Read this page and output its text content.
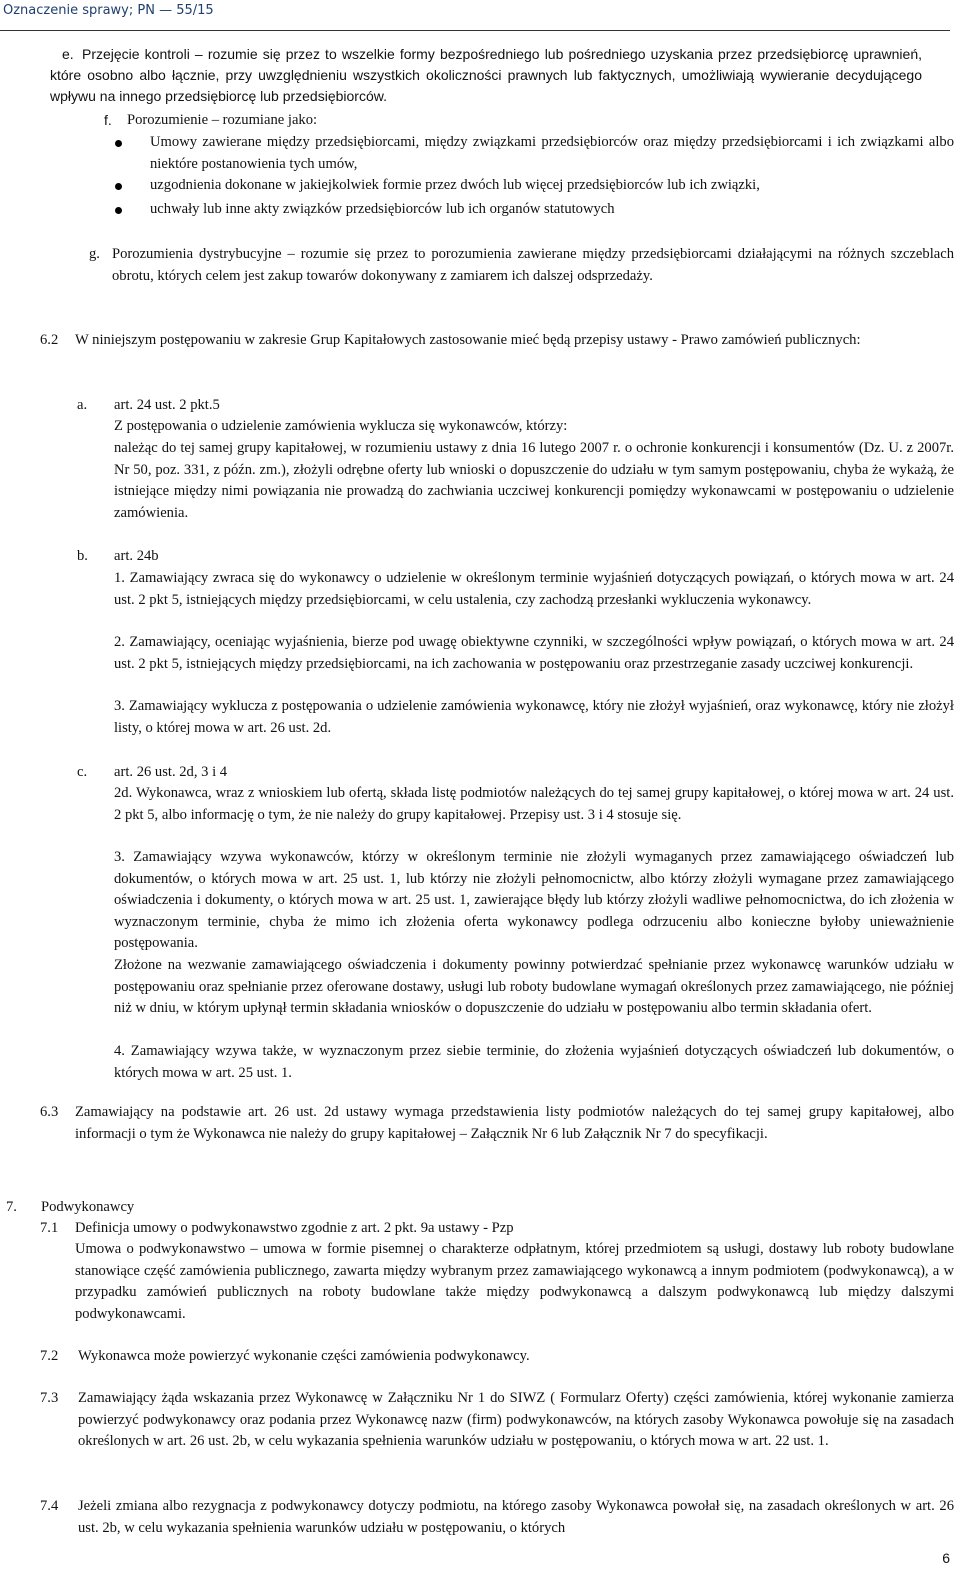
Oznaczenie sprawy; PN — 55/15
e. Przejęcie kontroli – rozumie się przez to wszelkie formy bezpośredniego lub pośredniego uzyskania przez przedsiębiorcę uprawnień, które osobno albo łącznie, przy uwzględnieniu wszystkich okoliczności prawnych lub faktycznych, umożliwiają wywieranie decydującego wpływu na innego przedsiębiorcę lub przedsiębiorców.
f. Porozumienie – rozumiane jako:
Umowy zawierane między przedsiębiorcami, między związkami przedsiębiorców oraz między przedsiębiorcami i ich związkami albo niektóre postanowienia tych umów,
uzgodnienia dokonane w jakiejkolwiek formie przez dwóch lub więcej przedsiębiorców lub ich związki,
uchwały lub inne akty związków przedsiębiorców lub ich organów statutowych
g. Porozumienia dystrybucyjne – rozumie się przez to porozumienia zawierane między przedsiębiorcami działającymi na różnych szczeblach obrotu, których celem jest zakup towarów dokonywany z zamiarem ich dalszej odsprzedaży.
6.2 W niniejszym postępowaniu w zakresie Grup Kapitałowych zastosowanie mieć będą przepisy ustawy - Prawo zamówień publicznych:
a. art. 24 ust. 2 pkt.5
Z postępowania o udzielenie zamówienia wyklucza się wykonawców, którzy:
należąc do tej samej grupy kapitałowej, w rozumieniu ustawy z dnia 16 lutego 2007 r. o ochronie konkurencji i konsumentów (Dz. U. z 2007r. Nr 50, poz. 331, z późn. zm.), złożyli odrębne oferty lub wnioski o dopuszczenie do udziału w tym samym postępowaniu, chyba że wykażą, że istniejące między nimi powiązania nie prowadzą do zachwiania uczciwej konkurencji pomiędzy wykonawcami w postępowaniu o udzielenie zamówienia.
b. art. 24b
1. Zamawiający zwraca się do wykonawcy o udzielenie w określonym terminie wyjaśnień dotyczących powiązań, o których mowa w art. 24 ust. 2 pkt 5, istniejących między przedsiębiorcami, w celu ustalenia, czy zachodzą przesłanki wykluczenia wykonawcy.
2. Zamawiający, oceniając wyjaśnienia, bierze pod uwagę obiektywne czynniki, w szczególności wpływ powiązań, o których mowa w art. 24 ust. 2 pkt 5, istniejących między przedsiębiorcami, na ich zachowania w postępowaniu oraz przestrzeganie zasady uczciwej konkurencji.
3. Zamawiający wyklucza z postępowania o udzielenie zamówienia wykonawcę, który nie złożył wyjaśnień, oraz wykonawcę, który nie złożył listy, o której mowa w art. 26 ust. 2d.
c. art. 26 ust. 2d, 3 i 4
2d. Wykonawca, wraz z wnioskiem lub ofertą, składa listę podmiotów należących do tej samej grupy kapitałowej, o której mowa w art. 24 ust. 2 pkt 5, albo informację o tym, że nie należy do grupy kapitałowej. Przepisy ust. 3 i 4 stosuje się.
3. Zamawiający wzywa wykonawców, którzy w określonym terminie nie złożyli wymaganych przez zamawiającego oświadczeń lub dokumentów, o których mowa w art. 25 ust. 1, lub którzy nie złożyli pełnomocnictw, albo którzy złożyli wymagane przez zamawiającego oświadczenia i dokumenty, o których mowa w art. 25 ust. 1, zawierające błędy lub którzy złożyli wadliwe pełnomocnictwa, do ich złożenia w wyznaczonym terminie, chyba że mimo ich złożenia oferta wykonawcy podlega odrzuceniu albo konieczne byłoby unieważnienie postępowania.
Złożone na wezwanie zamawiającego oświadczenia i dokumenty powinny potwierdzać spełnianie przez wykonawcę warunków udziału w postępowaniu oraz spełnianie przez oferowane dostawy, usługi lub roboty budowlane wymagań określonych przez zamawiającego, nie później niż w dniu, w którym upłynął termin składania wniosków o dopuszczenie do udziału w postępowaniu albo termin składania ofert.
4. Zamawiający wzywa także, w wyznaczonym przez siebie terminie, do złożenia wyjaśnień dotyczących oświadczeń lub dokumentów, o których mowa w art. 25 ust. 1.
6.3 Zamawiający na podstawie art. 26 ust. 2d ustawy wymaga przedstawienia listy podmiotów należących do tej samej grupy kapitałowej, albo informacji o tym że Wykonawca nie należy do grupy kapitałowej – Załącznik Nr 6 lub Załącznik Nr 7 do specyfikacji.
7. Podwykonawcy
7.1 Definicja umowy o podwykonawstwo zgodnie z art. 2 pkt. 9a ustawy - Pzp
Umowa o podwykonawstwo – umowa w formie pisemnej o charakterze odpłatnym, której przedmiotem są usługi, dostawy lub roboty budowlane stanowiące część zamówienia publicznego, zawarta między wybranym przez zamawiającego wykonawcą a innym podmiotem (podwykonawcą), a w przypadku zamówień publicznych na roboty budowlane także między podwykonawcą a dalszym podwykonawcą lub między dalszymi podwykonawcami.
7.2 Wykonawca może powierzyć wykonanie części zamówienia podwykonawcy.
7.3 Zamawiający żąda wskazania przez Wykonawcę w Załączniku Nr 1 do SIWZ ( Formularz Oferty) części zamówienia, której wykonanie zamierza powierzyć podwykonawcy oraz podania przez Wykonawcę nazw (firm) podwykonawców, na których zasoby Wykonawca powołuje się na zasadach określonych w art. 26 ust. 2b, w celu wykazania spełnienia warunków udziału w postępowaniu, o których mowa w art. 22 ust. 1.
7.4 Jeżeli zmiana albo rezygnacja z podwykonawcy dotyczy podmiotu, na którego zasoby Wykonawca powołał się, na zasadach określonych w art. 26 ust. 2b, w celu wykazania spełnienia warunków udziału w postępowaniu, o których
6
